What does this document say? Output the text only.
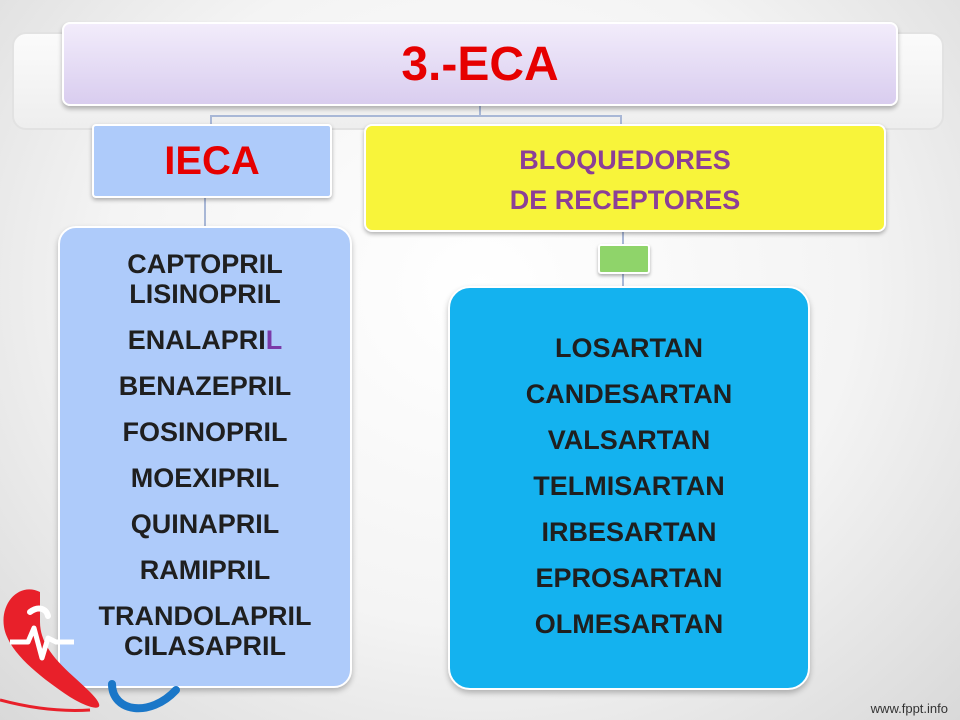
3.-ECA
IECA	BLOQUEDORES
DE RECEPTORES
CAPTOPRIL
LISINOPRIL
ENALAPRIL
BENAZEPRIL
FOSINOPRIL
MOEXIPRIL
QUINAPRIL
RAMIPRIL
TRANDOLAPRIL
CILASAPRIL
LOSARTAN
CANDESARTAN
VALSARTAN
TELMISARTAN
IRBESARTAN
EPROSARTAN
OLMESARTAN
www.fppt.info
